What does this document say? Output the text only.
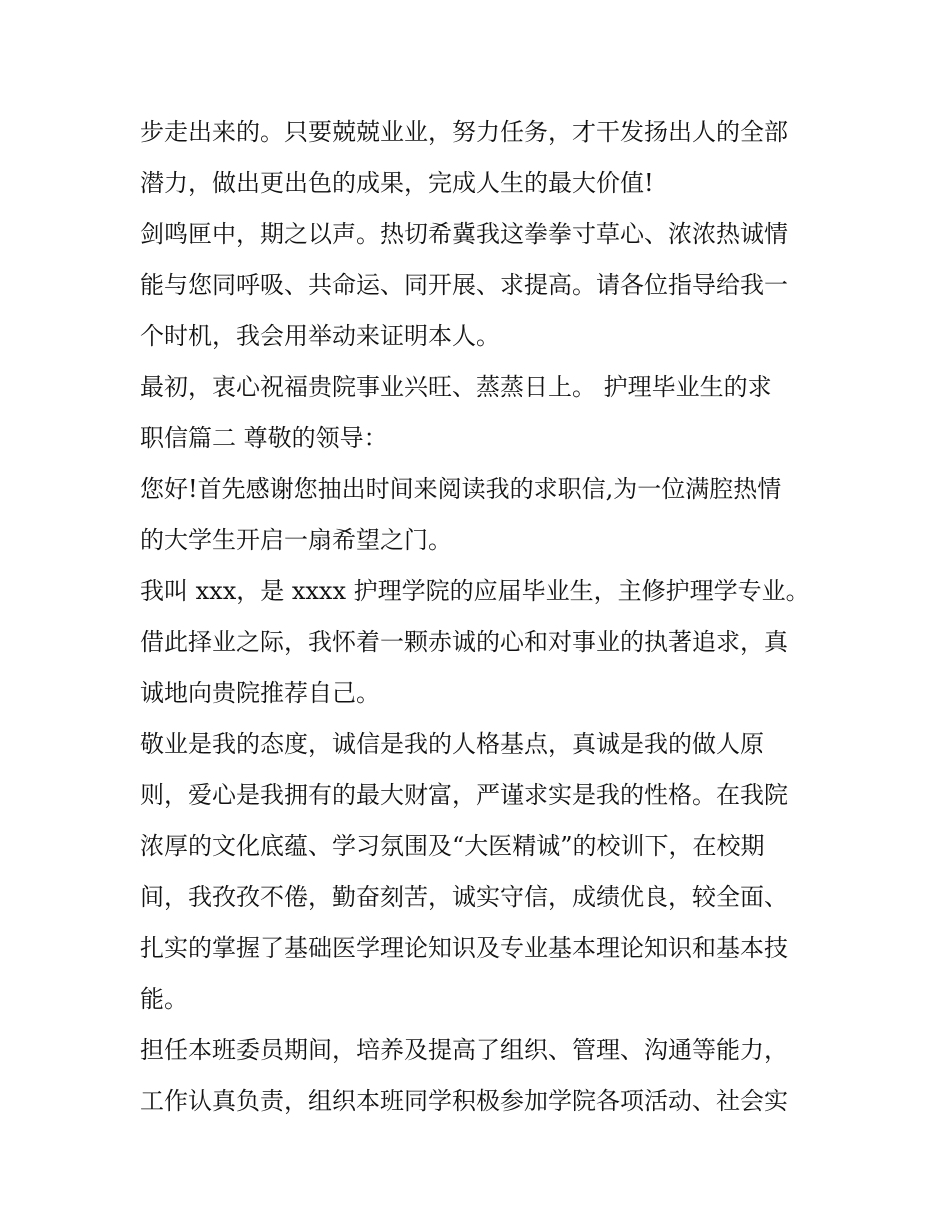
步走出来的。只要兢兢业业，努力任务，才干发扬出人的全部
潜力，做出更出色的成果，完成人生的最大价值!
剑鸣匣中，期之以声。热切希冀我这拳拳寸草心、浓浓热诚情
能与您同呼吸、共命运、同开展、求提高。请各位指导给我一
个时机，我会用举动来证明本人。
最初，衷心祝福贵院事业兴旺、蒸蒸日上。 护理毕业生的求
职信篇二 尊敬的领导：
您好!首先感谢您抽出时间来阅读我的求职信,为一位满腔热情
的大学生开启一扇希望之门。
我叫 xxx，是 xxxx 护理学院的应届毕业生，主修护理学专业。
借此择业之际，我怀着一颗赤诚的心和对事业的执著追求，真
诚地向贵院推荐自己。
敬业是我的态度，诚信是我的人格基点，真诚是我的做人原
则，爱心是我拥有的最大财富，严谨求实是我的性格。在我院
浓厚的文化底蕴、学习氛围及“大医精诚”的校训下，在校期
间，我孜孜不倦，勤奋刻苦，诚实守信，成绩优良，较全面、
扎实的掌握了基础医学理论知识及专业基本理论知识和基本技
能。
担任本班委员期间，培养及提高了组织、管理、沟通等能力，
工作认真负责，组织本班同学积极参加学院各项活动、社会实
